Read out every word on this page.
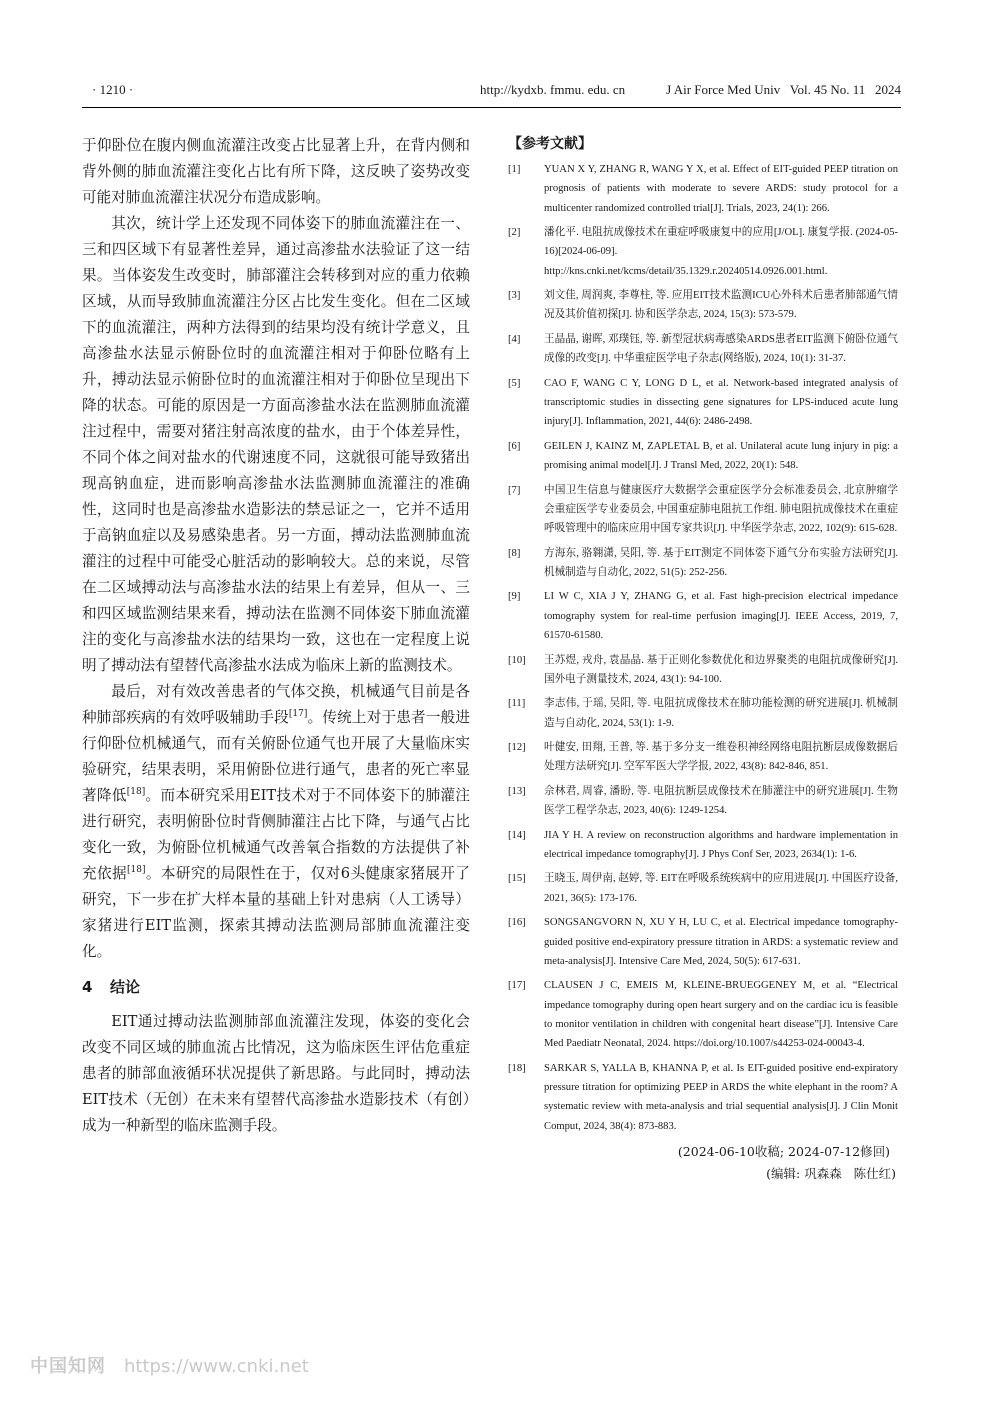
· 1210 ·	http://kydxb. fmmu. edu. cn	J Air Force Med Univ   Vol. 45 No. 11   2024

于仰卧位在腹内侧血流灌注改变占比显著上升，在背内侧和背外侧的肺血流灌注变化占比有所下降，这反映了姿势改变可能对肺血流灌注状况分布造成影响。

其次，统计学上还发现不同体姿下的肺血流灌注在一、三和四区域下有显著性差异，通过高渗盐水法验证了这一结果。当体姿发生改变时，肺部灌注会转移到对应的重力依赖区域，从而导致肺血流灌注分区占比发生变化。但在二区域下的血流灌注，两种方法得到的结果均没有统计学意义，且高渗盐水法显示俯卧位时的血流灌注相对于仰卧位略有上升，搏动法显示俯卧位时的血流灌注相对于仰卧位呈现出下降的状态。可能的原因是一方面高渗盐水法在监测肺血流灌注过程中，需要对猪注射高浓度的盐水，由于个体差异性，不同个体之间对盐水的代谢速度不同，这就很可能导致猪出现高钠血症，进而影响高渗盐水法监测肺血流灌注的准确性，这同时也是高渗盐水造影法的禁忌证之一，它并不适用于高钠血症以及易感染患者。另一方面，搏动法监测肺血流灌注的过程中可能受心脏活动的影响较大。总的来说，尽管在二区域搏动法与高渗盐水法的结果上有差异，但从一、三和四区域监测结果来看，搏动法在监测不同体姿下肺血流灌注的变化与高渗盐水法的结果均一致，这也在一定程度上说明了搏动法有望替代高渗盐水法成为临床上新的监测技术。

最后，对有效改善患者的气体交换，机械通气目前是各种肺部疾病的有效呼吸辅助手段[17]。传统上对于患者一般进行仰卧位机械通气，而有关俯卧位通气也开展了大量临床实验研究，结果表明，采用俯卧位进行通气，患者的死亡率显著降低[18]。而本研究采用EIT技术对于不同体姿下的肺灌注进行研究，表明俯卧位时背侧肺灌注占比下降，与通气占比变化一致，为俯卧位机械通气改善氧合指数的方法提供了补充依据[18]。本研究的局限性在于，仅对6头健康家猪展开了研究，下一步在扩大样本量的基础上针对患病（人工诱导）家猪进行EIT监测，探索其搏动法监测局部肺血流灌注变化。

4 结论

EIT通过搏动法监测肺部血流灌注发现，体姿的变化会改变不同区域的肺血流占比情况，这为临床医生评估危重症患者的肺部血液循环状况提供了新思路。与此同时，搏动法EIT技术（无创）在未来有望替代高渗盐水造影技术（有创）成为一种新型的临床监测手段。

【参考文献】
[1]	YUAN X Y, ZHANG R, WANG Y X, et al. Effect of EIT-guided PEEP titration on prognosis of patients with moderate to severe ARDS: study protocol for a multicenter randomized controlled trial[J]. Trials, 2023, 24(1): 266.
[2]	潘化平. 电阻抗成像技术在重症呼吸康复中的应用[J/OL]. 康复学报. (2024-05-16)[2024-06-09]. http://kns.cnki.net/kcms/detail/35.1329.r.20240514.0926.001.html.
[3]	刘文佳, 周润爽, 李尊柱, 等. 应用EIT技术监测ICU心外科术后患者肺部通气情况及其价值初探[J]. 协和医学杂志, 2024, 15(3): 573-579.
[4]	王晶晶, 谢晖, 邓璞钰, 等. 新型冠状病毒感染ARDS患者EIT监测下俯卧位通气成像的改变[J]. 中华重症医学电子杂志(网络版), 2024, 10(1): 31-37.
[5]	CAO F, WANG C Y, LONG D L, et al. Network-based integrated analysis of transcriptomic studies in dissecting gene signatures for LPS-induced acute lung injury[J]. Inflammation, 2021, 44(6): 2486-2498.
[6]	GEILEN J, KAINZ M, ZAPLETAL B, et al. Unilateral acute lung injury in pig: a promising animal model[J]. J Transl Med, 2022, 20(1): 548.
[7]	中国卫生信息与健康医疗大数据学会重症医学分会标准委员会, 北京肿瘤学会重症医学专业委员会, 中国重症肺电阻抗工作组. 肺电阻抗成像技术在重症呼吸管理中的临床应用中国专家共识[J]. 中华医学杂志, 2022, 102(9): 615-628.
[8]	方海东, 骆翱潇, 吴阳, 等. 基于EIT测定不同体姿下通气分布实验方法研究[J]. 机械制造与自动化, 2022, 51(5): 252-256.
[9]	LI W C, XIA J Y, ZHANG G, et al. Fast high-precision electrical impedance tomography system for real-time perfusion imaging[J]. IEEE Access, 2019, 7, 61570-61580.
[10]	王苏煜, 戎舟, 袁晶晶. 基于正则化参数优化和边界聚类的电阻抗成像研究[J]. 国外电子测量技术, 2024, 43(1): 94-100.
[11]	李志伟, 于瑶, 吴阳, 等. 电阻抗成像技术在肺功能检测的研究进展[J]. 机械制造与自动化, 2024, 53(1): 1-9.
[12]	叶健安, 田翔, 王普, 等. 基于多分支一维卷积神经网络电阻抗断层成像数据后处理方法研究[J]. 空军军医大学学报, 2022, 43(8): 842-846, 851.
[13]	佘林君, 周睿, 潘盼, 等. 电阻抗断层成像技术在肺灌注中的研究进展[J]. 生物医学工程学杂志, 2023, 40(6): 1249-1254.
[14]	JIA Y H. A review on reconstruction algorithms and hardware implementation in electrical impedance tomography[J]. J Phys Conf Ser, 2023, 2634(1): 1-6.
[15]	王晓玉, 周伊南, 赵婷, 等. EIT在呼吸系统疾病中的应用进展[J]. 中国医疗设备, 2021, 36(5): 173-176.
[16]	SONGSANGVORN N, XU Y H, LU C, et al. Electrical impedance tomography-guided positive end-expiratory pressure titration in ARDS: a systematic review and meta-analysis[J]. Intensive Care Med, 2024, 50(5): 617-631.
[17]	CLAUSEN J C, EMEIS M, KLEINE-BRUEGGENEY M, et al. “Electrical impedance tomography during open heart surgery and on the cardiac icu is feasible to monitor ventilation in children with congenital heart disease”[J]. Intensive Care Med Paediatr Neonatal, 2024. https://doi.org/10.1007/s44253-024-00043-4.
[18]	SARKAR S, YALLA B, KHANNA P, et al. Is EIT-guided positive end-expiratory pressure titration for optimizing PEEP in ARDS the white elephant in the room? A systematic review with meta-analysis and trial sequential analysis[J]. J Clin Monit Comput, 2024, 38(4): 873-883.
(2024-06-10收稿; 2024-07-12修回)
(编辑: 巩森森   陈仕红)
中国知网 https://www.cnki.net
